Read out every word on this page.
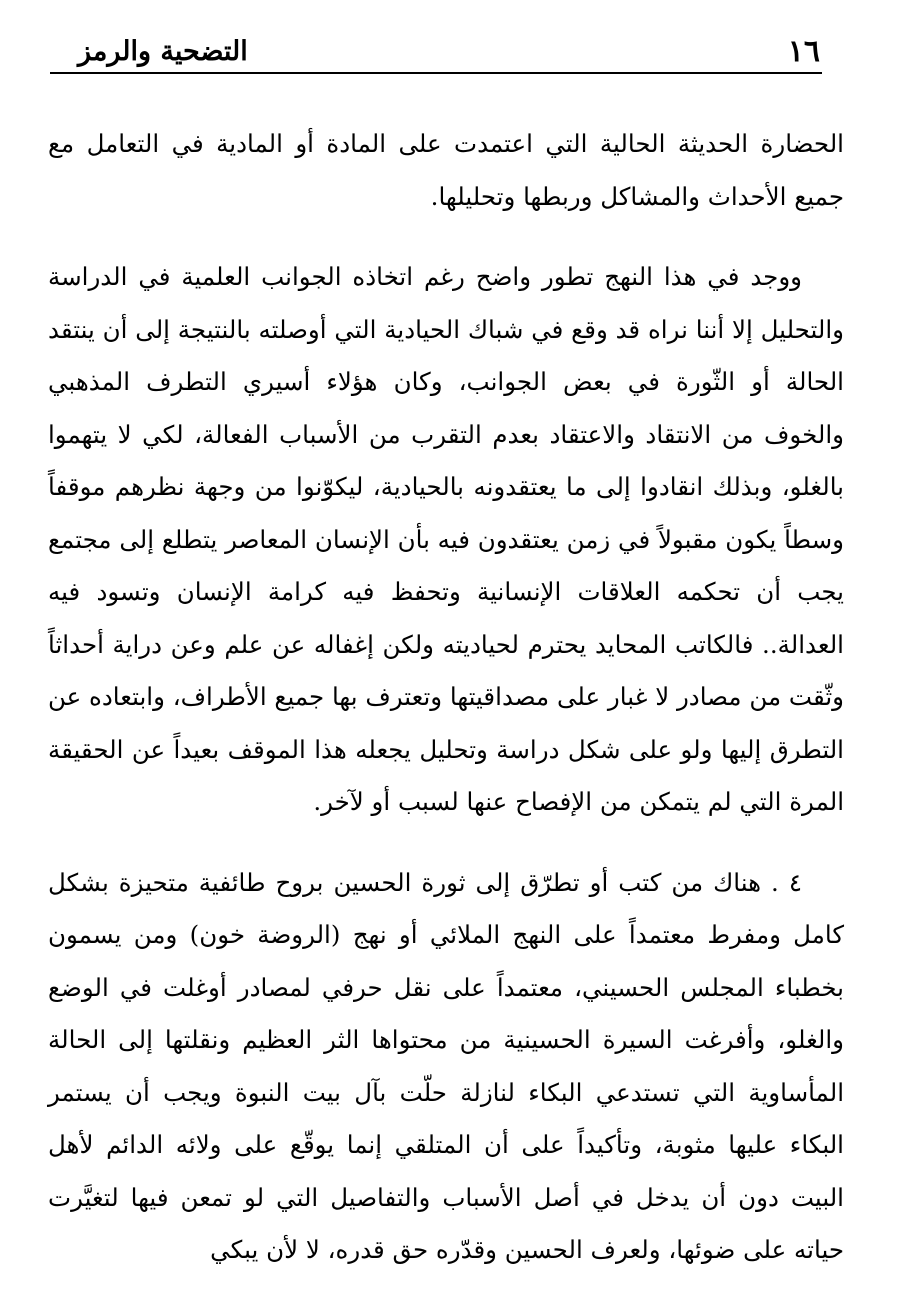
١٦
التضحية والرمز

الحضارة الحديثة الحالية التي اعتمدت على المادة أو المادية في التعامل مع جميع الأحداث والمشاكل وربطها وتحليلها.

ووجد في هذا النهج تطور واضح رغم اتخاذه الجوانب العلمية في الدراسة والتحليل إلا أننا نراه قد وقع في شباك الحيادية التي أوصلته بالنتيجة إلى أن ينتقد الحالة أو الثّورة في بعض الجوانب، وكان هؤلاء أسيري التطرف المذهبي والخوف من الانتقاد والاعتقاد بعدم التقرب من الأسباب الفعالة، لكي لا يتهموا بالغلو، وبذلك انقادوا إلى ما يعتقدونه بالحيادية، ليكوّنوا من وجهة نظرهم موقفاً وسطاً يكون مقبولاً في زمن يعتقدون فيه بأن الإنسان المعاصر يتطلع إلى مجتمع يجب أن تحكمه العلاقات الإنسانية وتحفظ فيه كرامة الإنسان وتسود فيه العدالة.. فالكاتب المحايد يحترم لحياديته ولكن إغفاله عن علم وعن دراية أحداثاً وثّقت من مصادر لا غبار على مصداقيتها وتعترف بها جميع الأطراف، وابتعاده عن التطرق إليها ولو على شكل دراسة وتحليل يجعله هذا الموقف بعيداً عن الحقيقة المرة التي لم يتمكن من الإفصاح عنها لسبب أو لآخر.

٤ . هناك من كتب أو تطرّق إلى ثورة الحسين بروح طائفية متحيزة بشكل كامل ومفرط معتمداً على النهج الملائي أو نهج (الروضة خون) ومن يسمون بخطباء المجلس الحسيني، معتمداً على نقل حرفي لمصادر أوغلت في الوضع والغلو، وأفرغت السيرة الحسينية من محتواها الثر العظيم ونقلتها إلى الحالة المأساوية التي تستدعي البكاء لنازلة حلّت بآل بيت النبوة ويجب أن يستمر البكاء عليها مثوبة، وتأكيداً على أن المتلقي إنما يوقّع على ولائه الدائم لأهل البيت دون أن يدخل في أصل الأسباب والتفاصيل التي لو تمعن فيها لتغيَّرت حياته على ضوئها، ولعرف الحسين وقدّره حق قدره، لا لأن يبكي
